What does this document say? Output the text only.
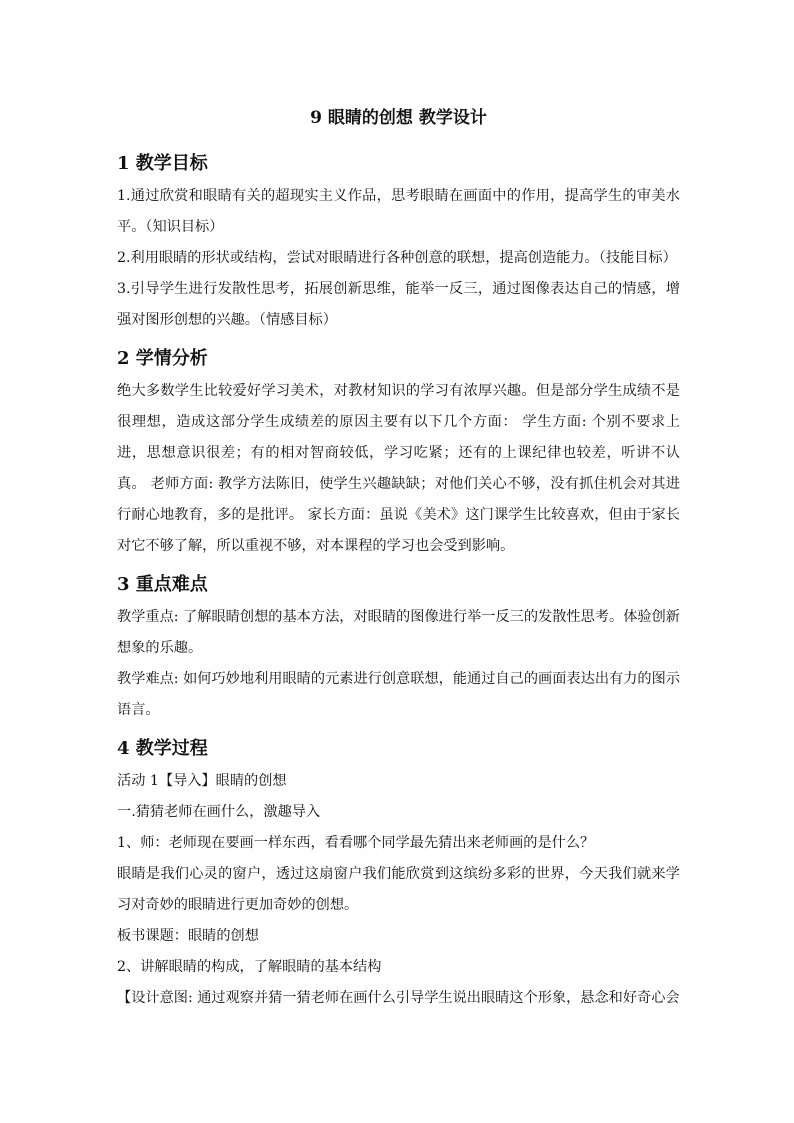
9 眼睛的创想 教学设计
1 教学目标
1.通过欣赏和眼睛有关的超现实主义作品，思考眼睛在画面中的作用，提高学生的审美水平。（知识目标）
2.利用眼睛的形状或结构，尝试对眼睛进行各种创意的联想，提高创造能力。（技能目标）
3.引导学生进行发散性思考，拓展创新思维，能举一反三，通过图像表达自己的情感，增强对图形创想的兴趣。（情感目标）
2 学情分析
绝大多数学生比较爱好学习美术，对教材知识的学习有浓厚兴趣。但是部分学生成绩不是很理想，造成这部分学生成绩差的原因主要有以下几个方面： 学生方面: 个别不要求上进，思想意识很差；有的相对智商较低，学习吃紧；还有的上课纪律也较差，听讲不认真。 老师方面: 教学方法陈旧，使学生兴趣缺缺；对他们关心不够，没有抓住机会对其进行耐心地教育，多的是批评。 家长方面：虽说《美术》这门课学生比较喜欢，但由于家长对它不够了解，所以重视不够，对本课程的学习也会受到影响。
3 重点难点
教学重点: 了解眼睛创想的基本方法，对眼睛的图像进行举一反三的发散性思考。体验创新想象的乐趣。
教学难点: 如何巧妙地利用眼睛的元素进行创意联想，能通过自己的画面表达出有力的图示语言。
4 教学过程
活动 1【导入】眼睛的创想
一.猜猜老师在画什么，激趣导入
1、师：老师现在要画一样东西，看看哪个同学最先猜出来老师画的是什么？
眼睛是我们心灵的窗户，透过这扇窗户我们能欣赏到这缤纷多彩的世界，今天我们就来学习对奇妙的眼睛进行更加奇妙的创想。
板书课题：眼睛的创想
2、讲解眼睛的构成，了解眼睛的基本结构
【设计意图: 通过观察并猜一猜老师在画什么引导学生说出眼睛这个形象，悬念和好奇心会
